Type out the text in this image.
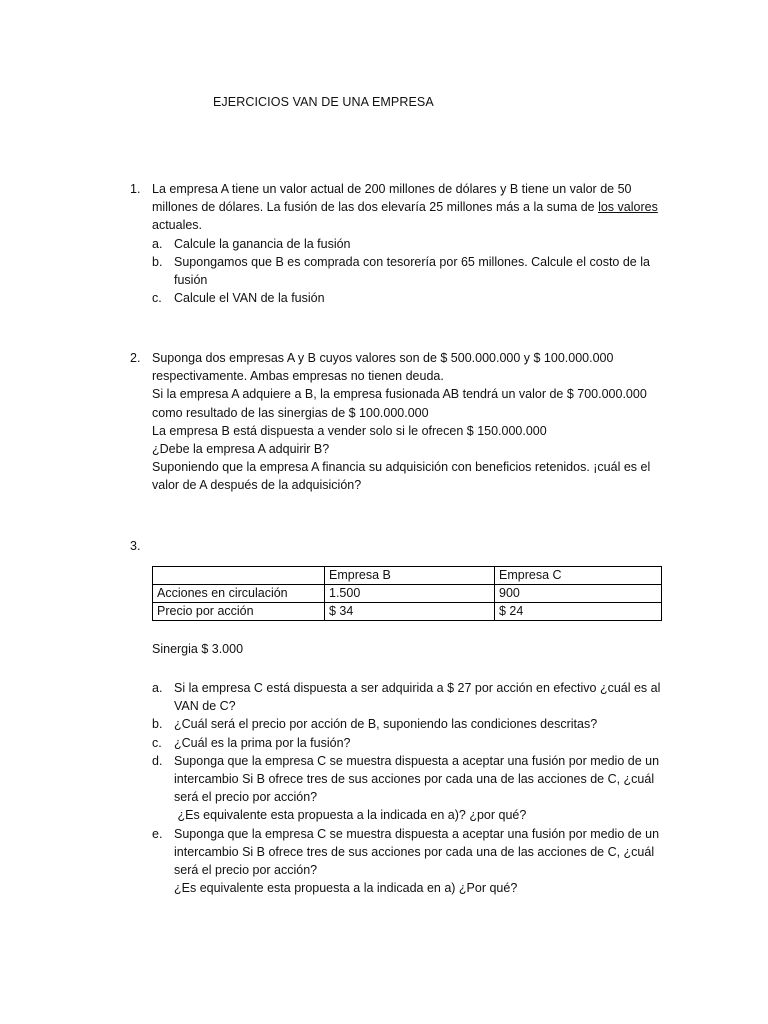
EJERCICIOS VAN DE UNA EMPRESA
1. La empresa A tiene un valor actual de 200 millones de dólares y B tiene un valor de 50 millones de dólares. La fusión de las dos elevaría 25 millones más a la suma de los valores actuales.
a. Calcule la ganancia de la fusión
b. Supongamos que B es comprada con tesorería por 65 millones. Calcule el costo de la fusión
c. Calcule el VAN de la fusión
2. Suponga dos empresas A y B cuyos valores son de $ 500.000.000 y $ 100.000.000 respectivamente. Ambas empresas no tienen deuda.
Si la empresa A adquiere a B, la empresa fusionada AB tendrá un valor de $ 700.000.000 como resultado de las sinergias de $ 100.000.000
La empresa B está dispuesta a vender solo si le ofrecen $ 150.000.000
¿Debe la empresa A adquirir B?
Suponiendo que la empresa A financia su adquisición con beneficios retenidos. ¡cuál es el valor de A después de la adquisición?
3.
	Empresa B	Empresa C
Acciones en circulación	1.500	900
Precio por acción	$ 34	$ 24
Sinergia $ 3.000
a. Si la empresa C está dispuesta a ser adquirida a $ 27 por acción en efectivo ¿cuál es al VAN de C?
b. ¿Cuál será el precio por acción de B, suponiendo las condiciones descritas?
c. ¿Cuál es la prima por la fusión?
d. Suponga que la empresa C se muestra dispuesta a aceptar una fusión por medio de un intercambio Si B ofrece tres de sus acciones por cada una de las acciones de C, ¿cuál será el precio por acción?
¿Es equivalente esta propuesta a la indicada en a)? ¿por qué?
e. Suponga que la empresa C se muestra dispuesta a aceptar una fusión por medio de un intercambio Si B ofrece tres de sus acciones por cada una de las acciones de C, ¿cuál será el precio por acción?
¿Es equivalente esta propuesta a la indicada en a) ¿Por qué?
